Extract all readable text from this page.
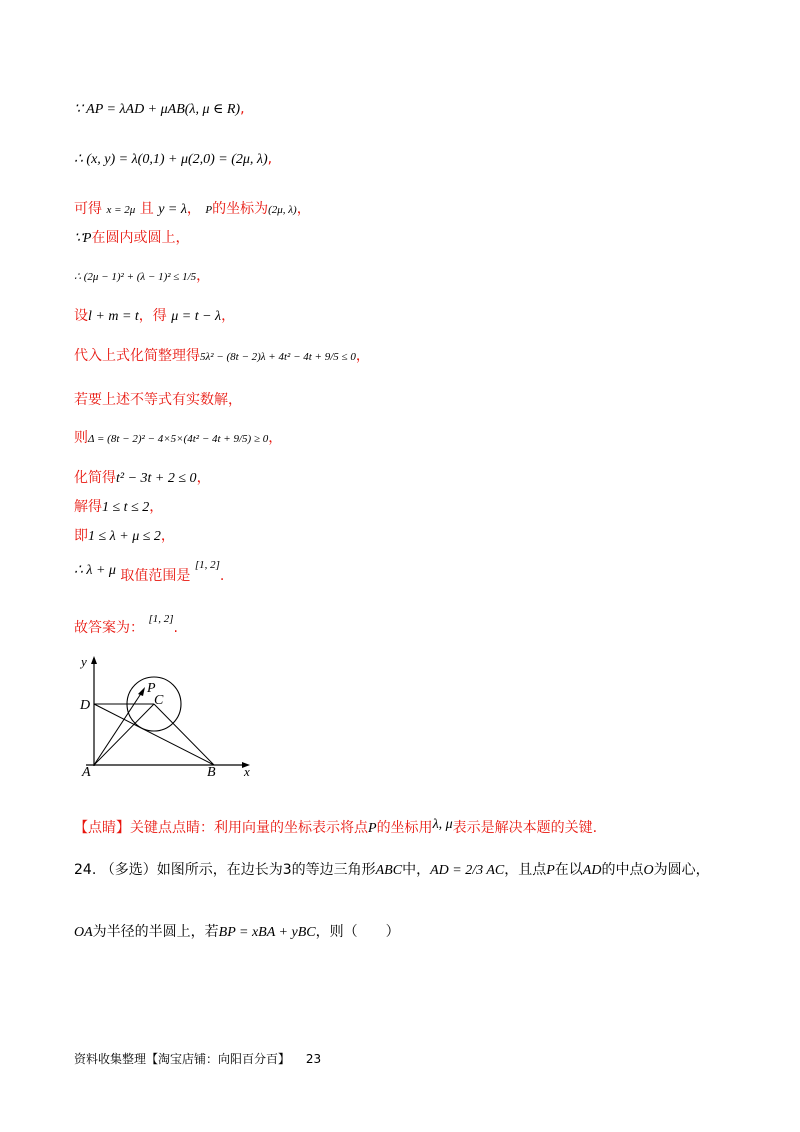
∵ AP = λAD + μAB(λ, μ ∈ R),
∴ (x, y) = λ(0,1) + μ(2,0) = (2μ, λ),
可得 x = 2μ 且 y = λ， P的坐标为(2μ, λ)，
∵P在圆内或圆上，
∴ (2μ − 1)² + (λ − 1)² ≤ 1/5，
设l + m = t，得 μ = t − λ，
代入上式化简整理得5λ² − (8t − 2)λ + 4t² − 4t + 9/5 ≤ 0，
若要上述不等式有实数解，
则Δ = (8t − 2)² − 4×5×(4t² − 4t + 9/5) ≥ 0，
化简得t² − 3t + 2 ≤ 0，
解得1 ≤ t ≤ 2，
即1 ≤ λ + μ ≤ 2，
∴ λ + μ 取值范围是 [1, 2].
故答案为： [1, 2].
y
x
D
P
C
A	B
【点睛】关键点点睛：利用向量的坐标表示将点P的坐标用λ, μ表示是解决本题的关键.
24. （多选）如图所示，在边长为3的等边三角形ABC中，AD = 2/3 AC，且点P在以AD的中点O为圆心，
OA为半径的半圆上，若BP = xBA + yBC，则（　　）
资料收集整理【淘宝店铺：向阳百分百】 23
